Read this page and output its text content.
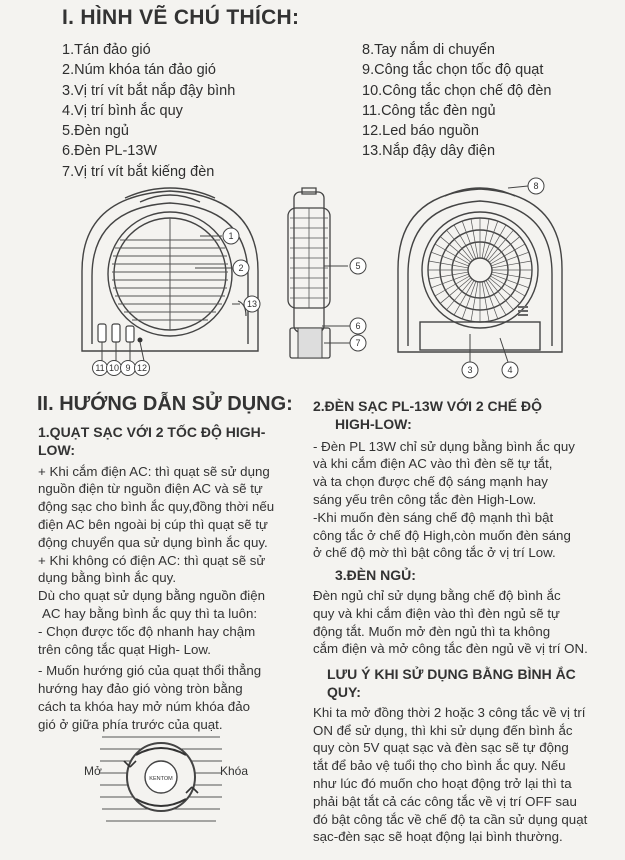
I. HÌNH VẼ CHÚ THÍCH:
1.Tán đảo gió
2.Núm khóa tán đảo gió
3.Vị trí vít bắt nắp đậy bình
4.Vị trí bình ắc quy
5.Đèn ngủ
6.Đèn PL-13W
7.Vị trí vít bắt kiếng đèn
8.Tay nắm di chuyển
9.Công tắc chọn tốc độ quạt
10.Công tắc chọn chế độ đèn
11.Công tắc đèn ngủ
12.Led báo nguồn
13.Nắp đậy dây điện
1
2
13
11 10 9 12
5
6
7
8
3	4
II. HƯỚNG DẪN SỬ DỤNG:

1.QUẠT SẠC VỚI 2 TỐC ĐỘ HIGH-LOW:

+ Khi cắm điện AC: thì quạt sẽ sử dụng

nguồn điện từ nguồn điện AC và sẽ tự

động sạc cho bình ắc quy,đồng thời nếu

điện AC bên ngoài bị cúp thì quạt sẽ tự

động chuyển qua sử dụng bình ắc quy.

+ Khi không có điện AC: thì quạt sẽ sử

dụng bằng bình ắc quy.

Dù cho quạt sử dụng bằng nguồn điện

AC hay bằng bình ắc quy thì ta luôn:

- Chọn được tốc độ nhanh hay chậm

trên công tắc quạt High- Low.

- Muốn hướng gió của quạt thổi thẳng

hướng hay đảo gió vòng tròn bằng

cách ta khóa hay mở núm khóa đảo

gió ở giữa phía trước của quạt.

KENTOM
Mở	Khóa

2.ĐÈN SẠC PL-13W VỚI 2 CHẾ ĐỘ

HIGH-LOW:

- Đèn PL 13W chỉ sử dụng bằng bình ắc quy

và khi cắm điện AC vào thì đèn sẽ tự tắt,

và ta chọn được chế độ sáng mạnh hay

sáng yếu trên công tắc đèn High-Low.

-Khi muốn đèn sáng chế độ mạnh thì bật

công tắc ở chế độ High,còn muốn đèn sáng

ở chế độ mờ thì bật công tắc ở vị trí Low.

3.ĐÈN NGỦ:

Đèn ngủ chỉ sử dụng bằng chế độ bình ắc

quy và khi cắm điện vào thì đèn ngủ sẽ tự

động tắt. Muốn mở đèn ngủ thì ta không

cắm điện và mở công tắc đèn ngủ về vị trí ON.

LƯU Ý KHI SỬ DỤNG BẰNG BÌNH ẮC QUY:

Khi ta mở đồng thời 2 hoặc 3 công tắc về vị trí

ON để sử dụng, thì khi sử dụng đến bình ắc

quy còn 5V quạt sạc và đèn sạc sẽ tự động

tắt để bảo vệ tuổi thọ cho bình ắc quy. Nếu

như lúc đó muốn cho hoạt động trở lại thì ta

phải bật tắt cả các công tắc về vị trí OFF sau

đó bật công tắc về chế độ ta cần sử dụng quạt

sạc-đèn sạc sẽ hoạt động lại bình thường.
